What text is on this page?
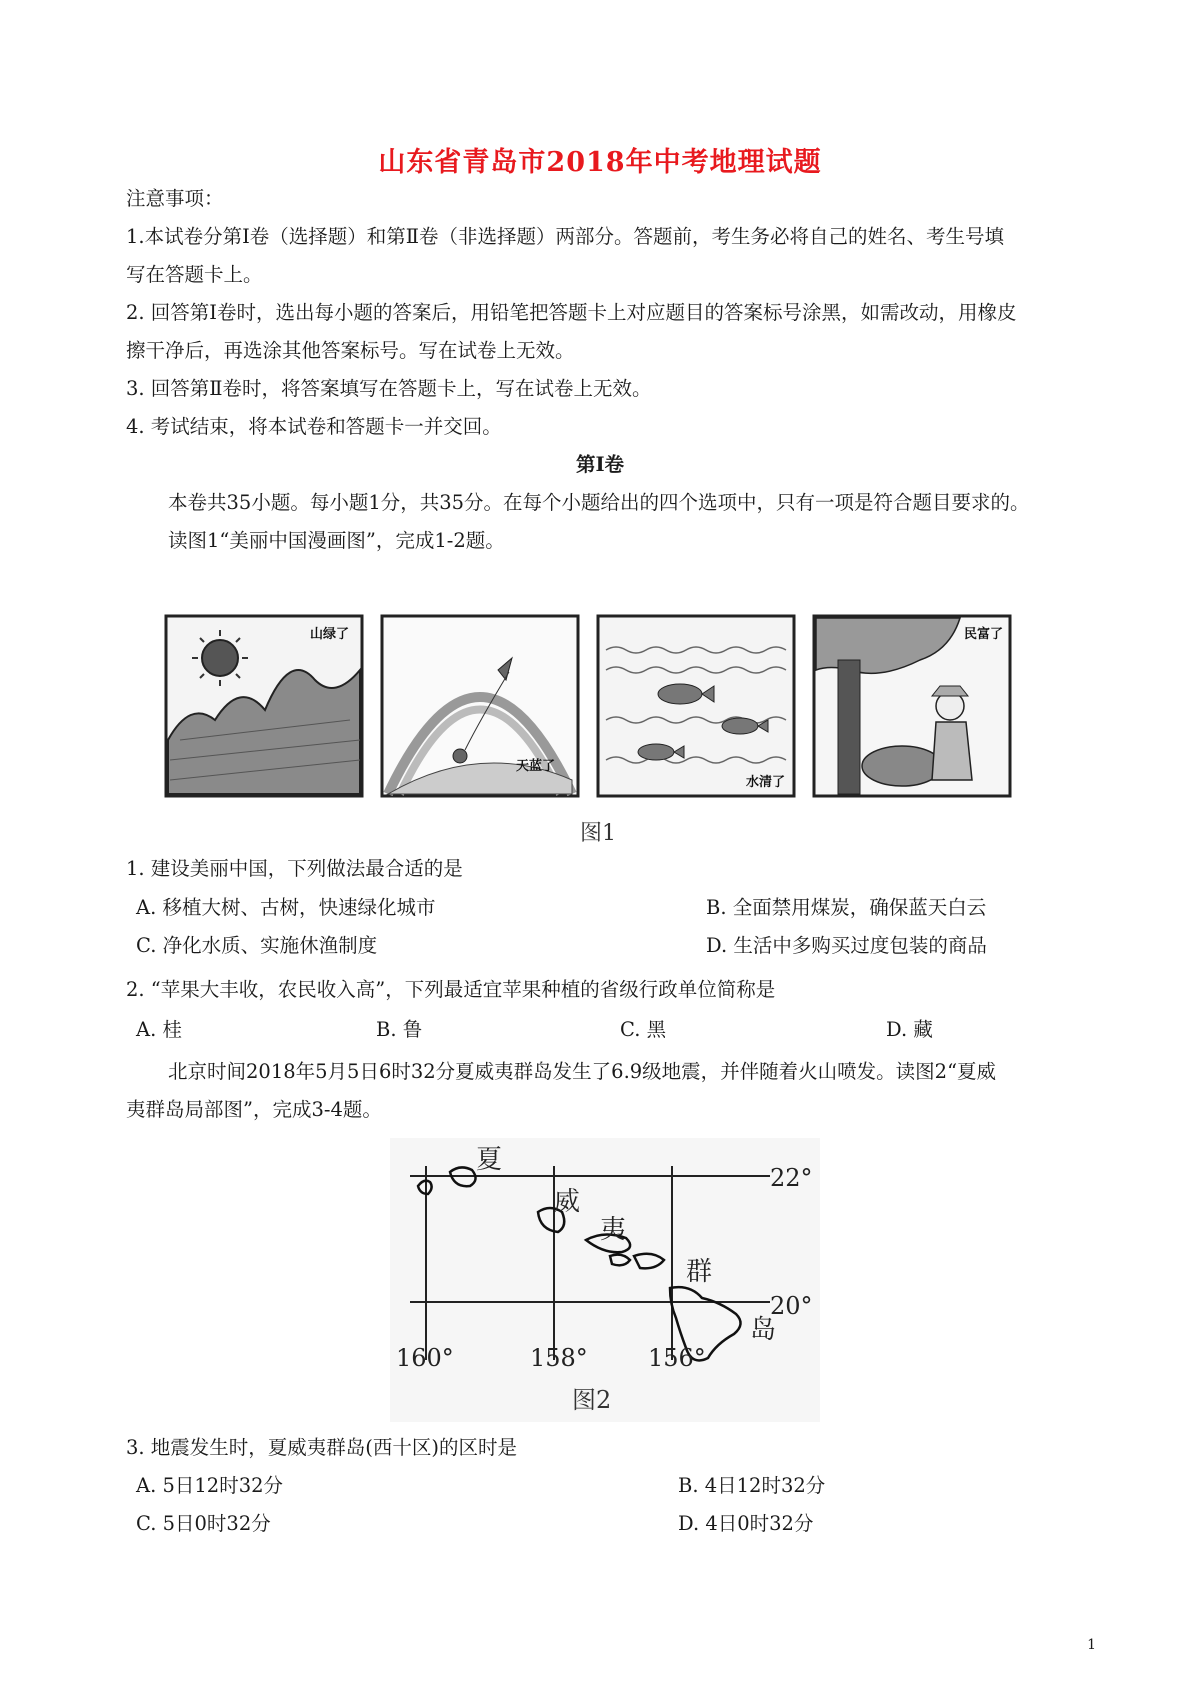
山东省青岛市2018年中考地理试题
注意事项：
1.本试卷分第Ⅰ卷（选择题）和第Ⅱ卷（非选择题）两部分。答题前，考生务必将自己的姓名、考生号填
写在答题卡上。
2. 回答第Ⅰ卷时，选出每小题的答案后，用铅笔把答题卡上对应题目的答案标号涂黑，如需改动，用橡皮
擦干净后，再选涂其他答案标号。写在试卷上无效。
3. 回答第Ⅱ卷时，将答案填写在答题卡上，写在试卷上无效。
4. 考试结束，将本试卷和答题卡一并交回。
第Ⅰ卷
本卷共35小题。每小题1分，共35分。在每个小题给出的四个选项中，只有一项是符合题目要求的。
读图1“美丽中国漫画图”，完成1-2题。
山绿了
天蓝了
水清了
民富了
图1
1. 建设美丽中国，下列做法最合适的是
A. 移植大树、古树，快速绿化城市	B. 全面禁用煤炭，确保蓝天白云
C. 净化水质、实施休渔制度	D. 生活中多购买过度包装的商品
2. “苹果大丰收，农民收入高”，下列最适宜苹果种植的省级行政单位简称是
A. 桂	B. 鲁	C. 黑	D. 藏
北京时间2018年5月5日6时32分夏威夷群岛发生了6.9级地震，并伴随着火山喷发。读图2“夏威
夷群岛局部图”，完成3-4题。
夏
威
夷
群
岛
22°
20°
160°	158°	156°
图2
3. 地震发生时，夏威夷群岛(西十区)的区时是
A. 5日12时32分	B. 4日12时32分
C. 5日0时32分	D. 4日0时32分
1
